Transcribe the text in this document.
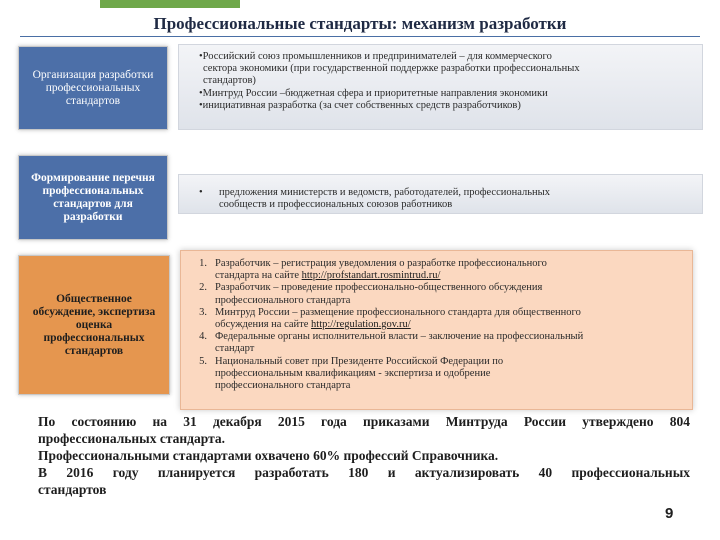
Профессиональные стандарты: механизм разработки
Организация разработки профессиональных стандартов

•Российский союз промышленников и предпринимателей – для коммерческого

сектора экономики (при государственной поддержке разработки профессиональных

стандартов)

•Минтруд России –бюджетная сфера и приоритетные направления экономики

•инициативная разработка (за счет собственных средств разработчиков)

Формирование перечня профессиональных стандартов для разработки
•	предложения министерств и ведомств, работодателей, профессиональных

сообществ и профессиональных союзов работников

Общественное обсуждение, экспертиза оценка профессиональных стандартов
1. Разработчик – регистрация уведомления о разработке профессионального

стандарта на сайте http://profstandart.rosmintrud.ru/

2. Разработчик – проведение профессионально-общественного обсуждения

профессионального стандарта

3. Минтруд России – размещение профессионального стандарта для общественного

обсуждения на сайте http://regulation.gov.ru/

4. Федеральные органы исполнительной власти – заключение на профессиональный

стандарт

5. Национальный совет при Президенте Российской Федерации по

профессиональным квалификациям - экспертиза и одобрение

профессионального стандарта

По состоянию на 31 декабря 2015 года приказами Минтруда России утверждено 804

профессиональных стандарта.

Профессиональными стандартами охвачено 60% профессий Справочника.

В 2016 году планируется разработать 180 и актуализировать 40 профессиональных

стандартов

9
